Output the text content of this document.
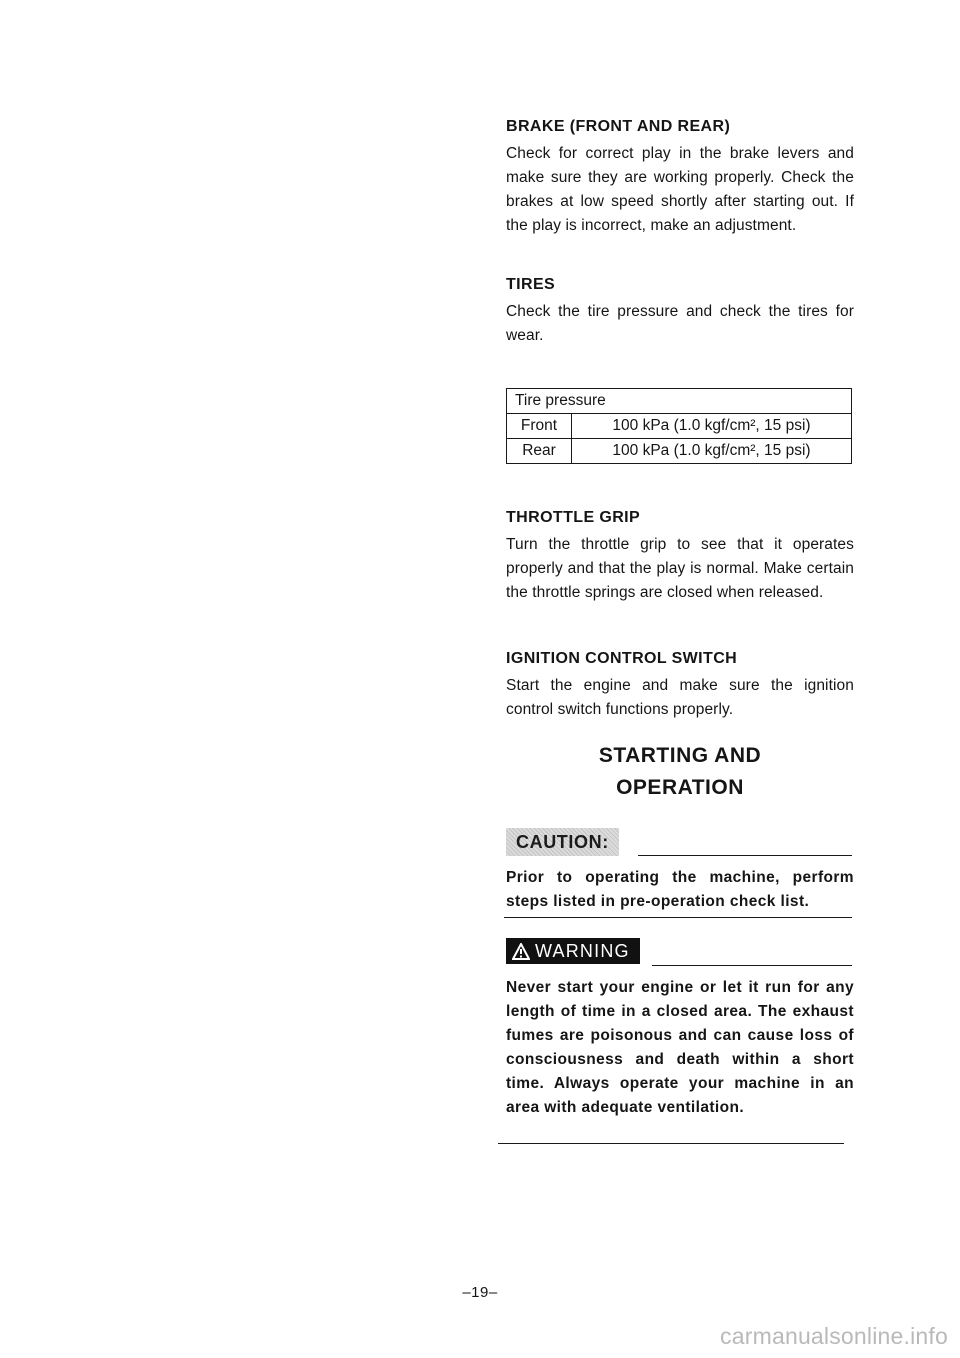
BRAKE (FRONT AND REAR)

Check for correct play in the brake levers and make sure they are working properly. Check the brakes at low speed shortly after starting out. If the play is incorrect, make an adjustment.

TIRES

Check the tire pressure and check the tires for wear.

Tire pressure	
Front	100 kPa (1.0 kgf/cm², 15 psi)
Rear	100 kPa (1.0 kgf/cm², 15 psi)
THROTTLE GRIP

Turn the throttle grip to see that it operates properly and that the play is normal. Make certain the throttle springs are closed when released.

IGNITION CONTROL SWITCH

Start the engine and make sure the ignition control switch functions properly.

STARTING AND
OPERATION
CAUTION:

Prior to operating the machine, perform steps listed in pre-operation check list.

WARNING

Never start your engine or let it run for any length of time in a closed area. The exhaust fumes are poisonous and can cause loss of consciousness and death within a short time. Always operate your machine in an area with adequate ventilation.

–19–
carmanualsonline.info
